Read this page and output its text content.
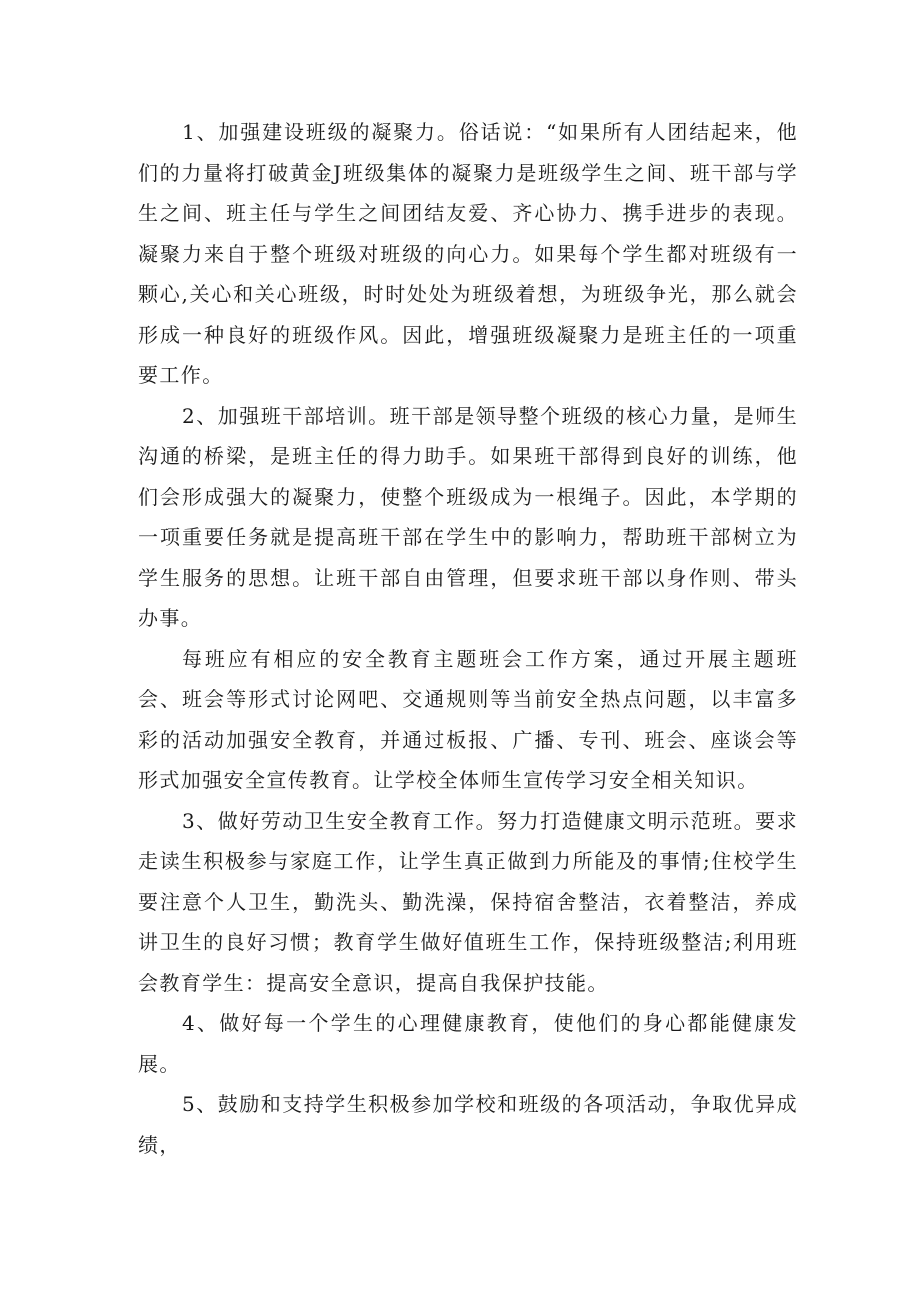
1、加强建设班级的凝聚力。俗话说：“如果所有人团结起来，他们的力量将打破黄金J班级集体的凝聚力是班级学生之间、班干部与学生之间、班主任与学生之间团结友爱、齐心协力、携手进步的表现。凝聚力来自于整个班级对班级的向心力。如果每个学生都对班级有一颗心,关心和关心班级，时时处处为班级着想，为班级争光，那么就会形成一种良好的班级作风。因此，增强班级凝聚力是班主任的一项重要工作。

2、加强班干部培训。班干部是领导整个班级的核心力量，是师生沟通的桥梁，是班主任的得力助手。如果班干部得到良好的训练，他们会形成强大的凝聚力，使整个班级成为一根绳子。因此，本学期的一项重要任务就是提高班干部在学生中的影响力，帮助班干部树立为学生服务的思想。让班干部自由管理，但要求班干部以身作则、带头办事。

每班应有相应的安全教育主题班会工作方案，通过开展主题班会、班会等形式讨论网吧、交通规则等当前安全热点问题，以丰富多彩的活动加强安全教育，并通过板报、广播、专刊、班会、座谈会等形式加强安全宣传教育。让学校全体师生宣传学习安全相关知识。

3、做好劳动卫生安全教育工作。努力打造健康文明示范班。要求走读生积极参与家庭工作，让学生真正做到力所能及的事情;住校学生要注意个人卫生，勤洗头、勤洗澡，保持宿舍整洁，衣着整洁，养成讲卫生的良好习惯；教育学生做好值班生工作，保持班级整洁;利用班会教育学生：提高安全意识，提高自我保护技能。

4、做好每一个学生的心理健康教育，使他们的身心都能健康发展。

5、鼓励和支持学生积极参加学校和班级的各项活动，争取优异成绩，
